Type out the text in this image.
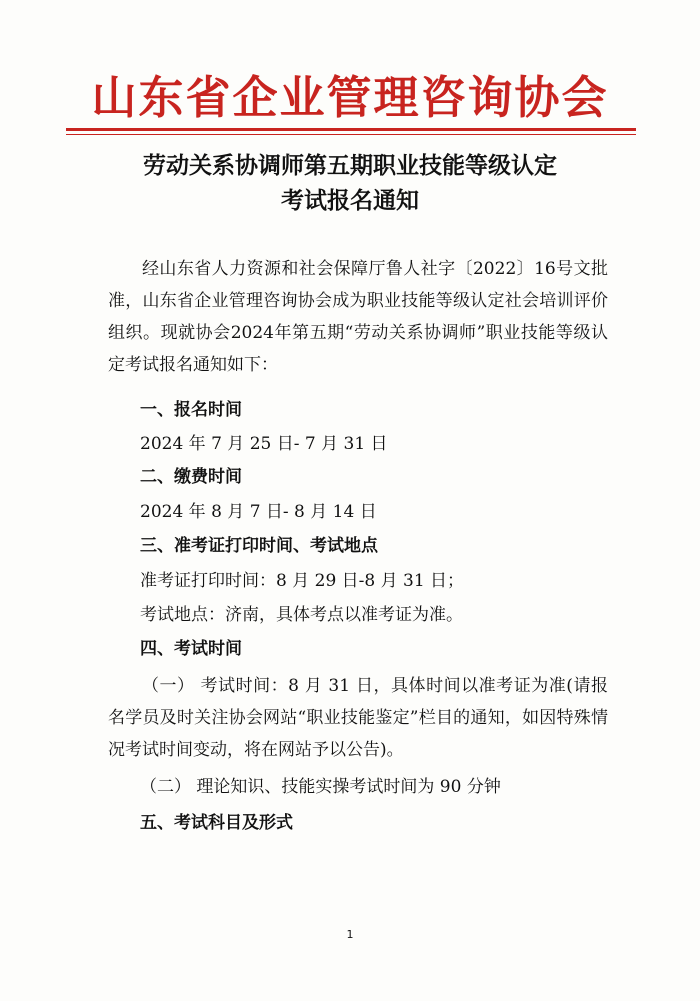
山东省企业管理咨询协会
劳动关系协调师第五期职业技能等级认定
考试报名通知
经山东省人力资源和社会保障厅鲁人社字〔2022〕16号文批准，山东省企业管理咨询协会成为职业技能等级认定社会培训评价组织。现就协会2024年第五期“劳动关系协调师”职业技能等级认定考试报名通知如下：
一、报名时间
2024 年 7 月 25 日- 7 月 31 日
二、缴费时间
2024 年 8 月 7 日- 8 月 14 日
三、准考证打印时间、考试地点
准考证打印时间：8 月 29 日-8 月 31 日；
考试地点：济南，具体考点以准考证为准。
四、考试时间
（一） 考试时间：8 月 31 日，具体时间以准考证为准(请报名学员及时关注协会网站“职业技能鉴定”栏目的通知，如因特殊情况考试时间变动，将在网站予以公告)。
（二） 理论知识、技能实操考试时间为 90 分钟
五、考试科目及形式
1
